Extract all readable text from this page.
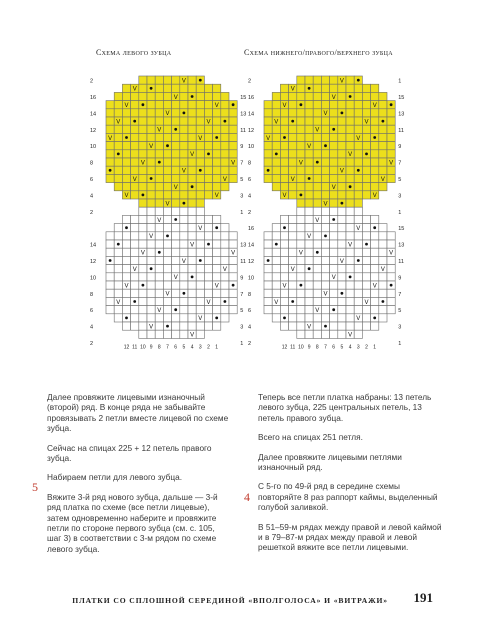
Схема левого зубца	Схема нижнего/правого/верхнего зубца
V
V
V
V	V
V
V	V
V
V	V
V
V
V	V
V
V	V
V
V	V
V
V
V
V
V
V	V
V
V	V
V
V	V
V
V	V
V
V
V
V
2
16	15
14	13
12	11
10	9
8	7
6	5
4	3
2	1
14	13
12	11
10	9
8	7
6	5
4	3
2	1
12 11 10 9 8 7 6 5 4 3 2 1
V
V
V
V	V
V
V	V
V
V	V
V
V
V	V
V
V	V
V
V	V
V
V
V
V
V
V	V
V
V	V
V
V	V
V
V	V
V
V
V
V
2	1
16	15
14	13
12	11
10	9
8	7
6	5
4	3
2	1
16	15
14	13
12	11
10	9
8	7
6	5
4	3
2	1
12 11 10 9 8 7 6 5 4 3 2 1

Далее провяжите лицевыми изнаночный (второй) ряд. В конце ряда не забывайте провязывать 2 петли вместе лицевой по схеме зубца.

Сейчас на спицах 225 + 12 петель правого зубца.

Набираем петли для левого зубца.

Вяжите 3-й ряд нового зубца, дальше — 3-й ряд платка по схеме (все петли лицевые), затем одновременно наберите и провяжите петли по стороне первого зубца (см. с. 105, шаг 3) в соответствии с 3-м рядом по схеме левого зубца.

5

Теперь все петли платка набраны: 13 петель левого зубца, 225 центральных петель, 13 петель правого зубца.

Всего на спицах 251 петля.

Далее провяжите лицевыми петлями изнаночный ряд.

С 5-го по 49-й ряд в середине схемы повторяйте 8 раз раппорт каймы, выделенный голубой заливкой.

В 51–59-м рядах между правой и левой каймой и в 79–87-м рядах между правой и левой решеткой вяжите все петли лицевыми.

4
ПЛАТКИ СО СПЛОШНОЙ СЕРЕДИНОЙ «ВПОЛГОЛОСА» И «ВИТРАЖИ» 191
